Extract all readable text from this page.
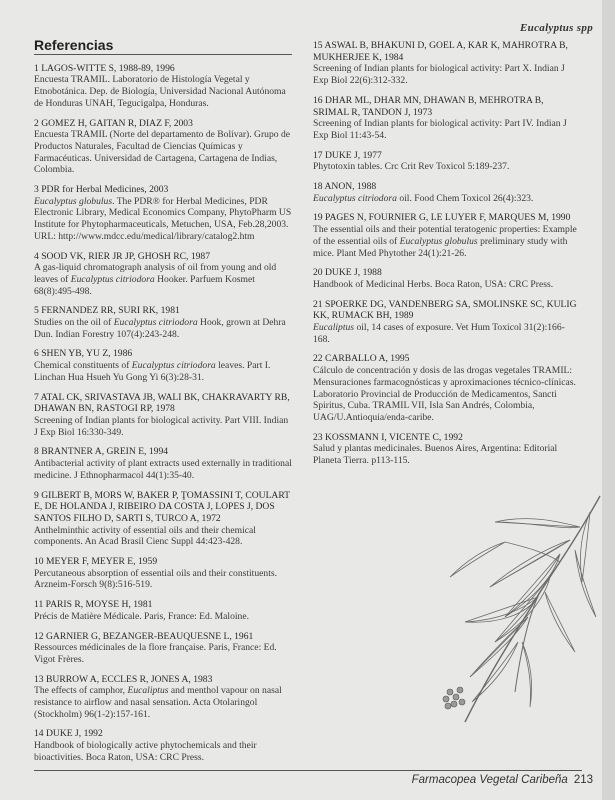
Eucalyptus spp
Referencias
1 LAGOS-WITTE S, 1988-89, 1996
Encuesta TRAMIL. Laboratorio de Histología Vegetal y Etnobotánica. Dep. de Biología, Universidad Nacional Autónoma de Honduras UNAH, Tegucigalpa, Honduras.
2 GOMEZ H, GAITAN R, DIAZ F, 2003
Encuesta TRAMIL (Norte del departamento de Bolívar). Grupo de Productos Naturales, Facultad de Ciencias Químicas y Farmacéuticas. Universidad de Cartagena, Cartagena de Indias, Colombia.
3 PDR for Herbal Medicines, 2003
Eucalyptus globulus. The PDR® for Herbal Medicines, PDR Electronic Library, Medical Economics Company, PhytoPharm US Institute for Phytopharmaceuticals, Metuchen, USA, Feb.28,2003. URL: http://www.mdcc.edu/medical/library/catalog2.htm
4 SOOD VK, RIER JR JP, GHOSH RC, 1987
A gas-liquid chromatograph analysis of oil from young and old leaves of Eucalyptus citriodora Hooker. Parfuem Kosmet 68(8):495-498.
5 FERNANDEZ RR, SURI RK, 1981
Studies on the oil of Eucalyptus citriodora Hook, grown at Dehra Dun. Indian Forestry 107(4):243-248.
6 SHEN YB, YU Z, 1986
Chemical constituents of Eucalyptus citriodora leaves. Part I. Linchan Hua Hsueh Yu Gong Yi 6(3):28-31.
7 ATAL CK, SRIVASTAVA JB, WALI BK, CHAKRAVARTY RB, DHAWAN BN, RASTOGI RP, 1978
Screening of Indian plants for biological activity. Part VIII. Indian J Exp Biol 16:330-349.
8 BRANTNER A, GREIN E, 1994
Antibacterial activity of plant extracts used externally in traditional medicine. J Ethnopharmacol 44(1):35-40.
9 GILBERT B, MORS W, BAKER P, ŢOMASSINI T, COULART E, DE HOLANDA J, RIBEIRO DA COSTA J, LOPES J, DOS SANTOS FILHO D, SARTI S, TURCO A, 1972
Anthelminthic activity of essential oils and their chemical components. An Acad Brasil Cienc Suppl 44:423-428.
10 MEYER F, MEYER E, 1959
Percutaneous absorption of essential oils and their constituents. Arzneim-Forsch 9(8):516-519.
11 PARIS R, MOYSE H, 1981
Précis de Matière Médicale. Paris, France: Ed. Maloine.
12 GARNIER G, BEZANGER-BEAUQUESNE L, 1961
Ressources médicinales de la flore française. Paris, France: Ed. Vigot Frères.
13 BURROW A, ECCLES R, JONES A, 1983
The effects of camphor, Eucaliptus and menthol vapour on nasal resistance to airflow and nasal sensation. Acta Otolaringol (Stockholm) 96(1-2):157-161.
14 DUKE J, 1992
Handbook of biologically active phytochemicals and their bioactivities. Boca Raton, USA: CRC Press.
15 ASWAL B, BHAKUNI D, GOEL A, KAR K, MAHROTRA B, MUKHERJEE K, 1984
Screening of Indian plants for biological activity: Part X. Indian J Exp Biol 22(6):312-332.
16 DHAR ML, DHAR MN, DHAWAN B, MEHROTRA B, SRIMAL R, TANDON J, 1973
Screening of Indian plants for biological activity: Part IV. Indian J Exp Biol 11:43-54.
17 DUKE J, 1977
Phytotoxin tables. Crc Crit Rev Toxicol 5:189-237.
18 ANON, 1988
Eucalyptus citriodora oil. Food Chem Toxicol 26(4):323.
19 PAGES N, FOURNIER G, LE LUYER F, MARQUES M, 1990
The essential oils and their potential teratogenic properties: Example of the essential oils of Eucalyptus globulus preliminary study with mice. Plant Med Phytother 24(1):21-26.
20 DUKE J, 1988
Handbook of Medicinal Herbs. Boca Raton, USA: CRC Press.
21 SPOERKE DG, VANDENBERG SA, SMOLINSKE SC, KULIG KK, RUMACK BH, 1989
Eucaliptus oil, 14 cases of exposure. Vet Hum Toxicol 31(2):166-168.
22 CARBALLO A, 1995
Cálculo de concentración y dosis de las drogas vegetales TRAMIL: Mensuraciones farmacognósticas y aproximaciones técnico-clínicas. Laboratorio Provincial de Producción de Medicamentos, Sancti Spiritus, Cuba. TRAMIL VII, Isla San Andrés, Colombia, UAG/U.Antioquia/enda-caribe.
23 KOSSMANN I, VICENTE C, 1992
Salud y plantas medicinales. Buenos Aires, Argentina: Editorial Planeta Tierra. p113-115.
Farmacopea Vegetal Caribeña 213
